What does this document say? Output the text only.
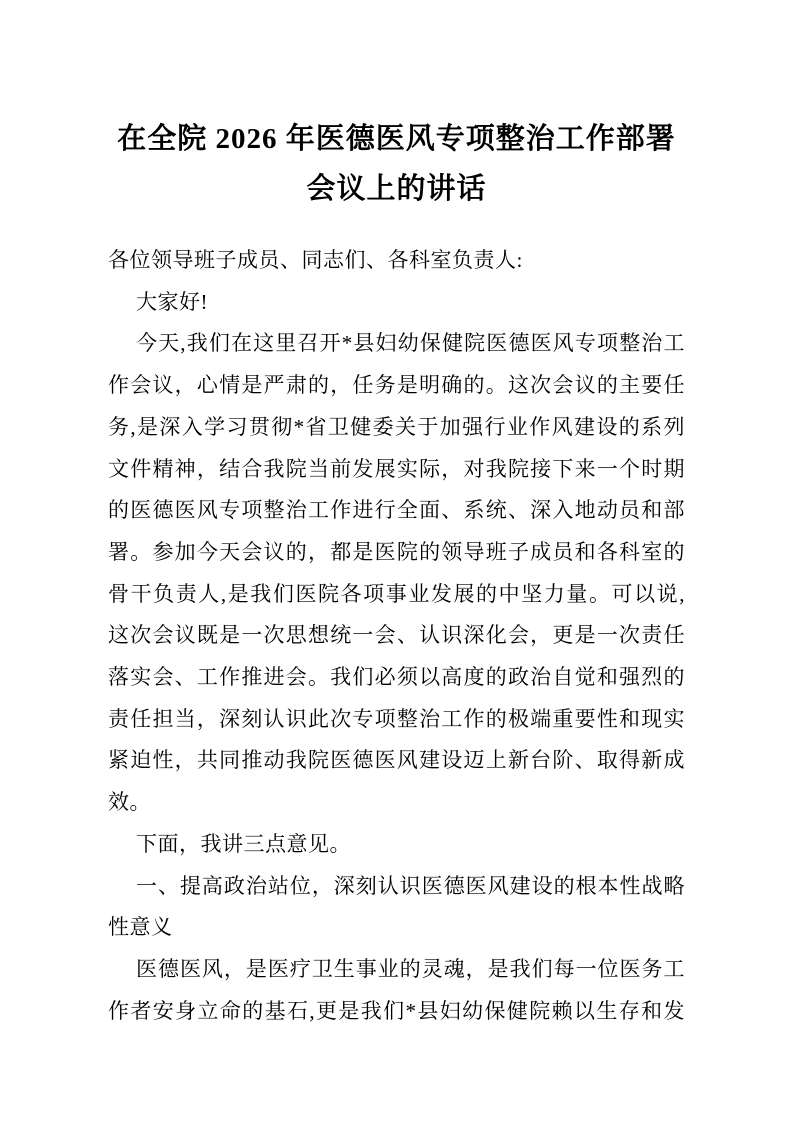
在全院 2026 年医德医风专项整治工作部署
会议上的讲话
各位领导班子成员、同志们、各科室负责人:
大家好!
今天,我们在这里召开*县妇幼保健院医德医风专项整治工
作会议，心情是严肃的，任务是明确的。这次会议的主要任
务,是深入学习贯彻*省卫健委关于加强行业作风建设的系列
文件精神，结合我院当前发展实际，对我院接下来一个时期
的医德医风专项整治工作进行全面、系统、深入地动员和部
署。参加今天会议的，都是医院的领导班子成员和各科室的
骨干负责人,是我们医院各项事业发展的中坚力量。可以说,
这次会议既是一次思想统一会、认识深化会，更是一次责任
落实会、工作推进会。我们必须以高度的政治自觉和强烈的
责任担当，深刻认识此次专项整治工作的极端重要性和现实
紧迫性，共同推动我院医德医风建设迈上新台阶、取得新成
效。
下面，我讲三点意见。
一、提高政治站位，深刻认识医德医风建设的根本性战略
性意义
医德医风，是医疗卫生事业的灵魂，是我们每一位医务工
作者安身立命的基石,更是我们*县妇幼保健院赖以生存和发
